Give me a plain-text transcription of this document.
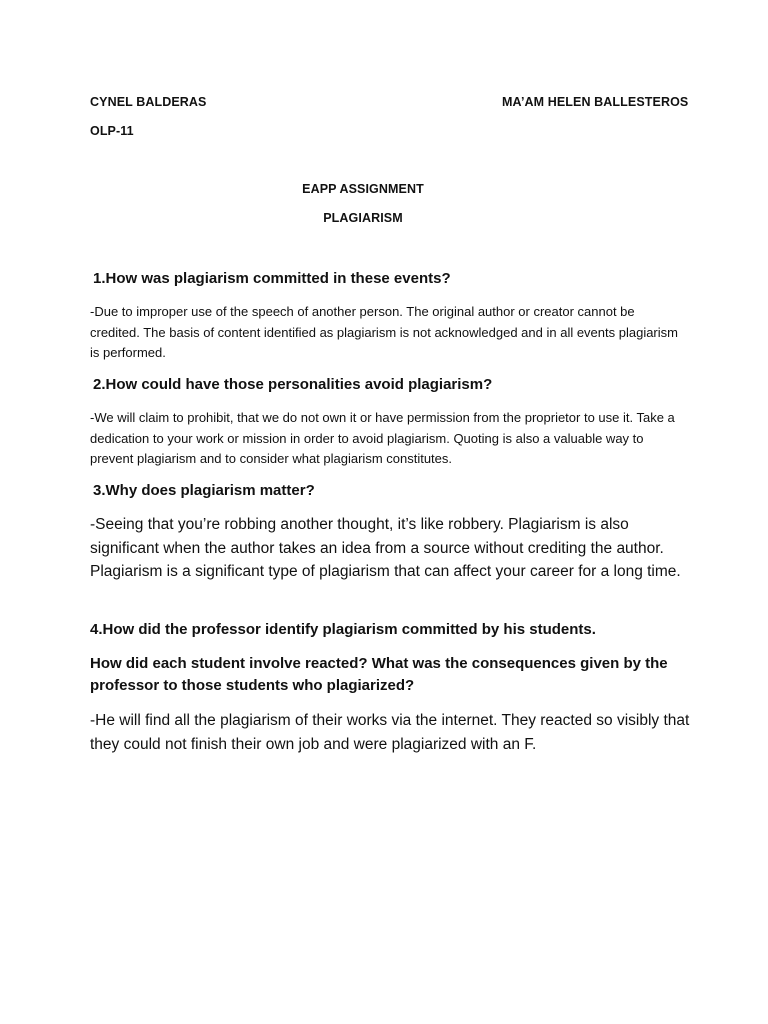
CYNEL BALDERAS	MA’AM HELEN BALLESTEROS

OLP-11

EAPP ASSIGNMENT

PLAGIARISM

1.How was plagiarism committed in these events?

-Due to improper use of the speech of another person. The original author or creator cannot be credited. The basis of content identified as plagiarism is not acknowledged and in all events plagiarism is performed.

2.How could have those personalities avoid plagiarism?

-We will claim to prohibit, that we do not own it or have permission from the proprietor to use it. Take a dedication to your work or mission in order to avoid plagiarism. Quoting is also a valuable way to prevent plagiarism and to consider what plagiarism constitutes.

3.Why does plagiarism matter?

-Seeing that you’re robbing another thought, it’s like robbery. Plagiarism is also significant when the author takes an idea from a source without crediting the author. Plagiarism is a significant type of plagiarism that can affect your career for a long time.

4.How did the professor identify plagiarism committed by his students.

How did each student involve reacted? What was the consequences given by the professor to those students who plagiarized?

-He will find all the plagiarism of their works via the internet. They reacted so visibly that they could not finish their own job and were plagiarized with an F.
